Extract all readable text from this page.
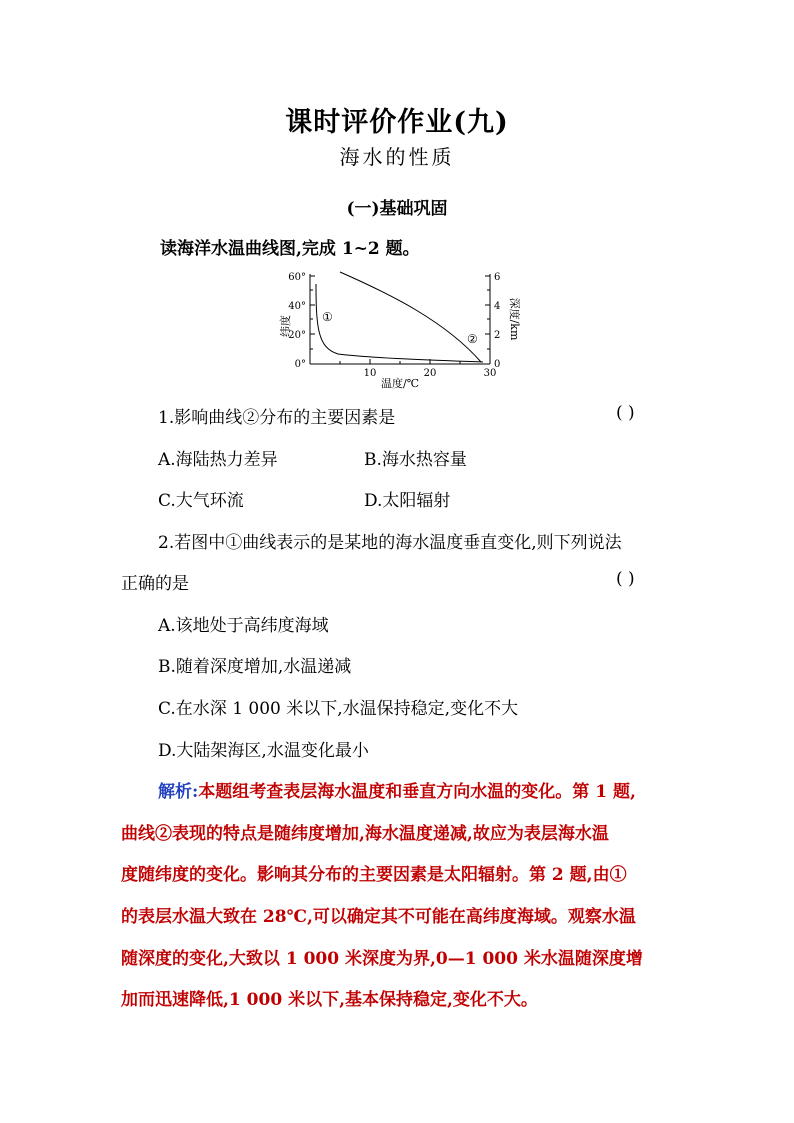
课时评价作业(九)
海水的性质
(一)基础巩固
读海洋水温曲线图,完成 1~2 题。
60°
40°
20°
0°
6
4
2
0
10	20	30
纬度	深度/km
温度/℃
①
②
1.影响曲线②分布的主要因素是	( )
A.海陆热力差异	B.海水热容量
C.大气环流	D.太阳辐射
2.若图中①曲线表示的是某地的海水温度垂直变化,则下列说法
正确的是	( )
A.该地处于高纬度海域
B.随着深度增加,水温递减
C.在水深 1 000 米以下,水温保持稳定,变化不大
D.大陆架海区,水温变化最小
解析:本题组考查表层海水温度和垂直方向水温的变化。第 1 题,
曲线②表现的特点是随纬度增加,海水温度递减,故应为表层海水温
度随纬度的变化。影响其分布的主要因素是太阳辐射。第 2 题,由①
的表层水温大致在 28℃,可以确定其不可能在高纬度海域。观察水温
随深度的变化,大致以 1 000 米深度为界,0—1 000 米水温随深度增
加而迅速降低,1 000 米以下,基本保持稳定,变化不大。
